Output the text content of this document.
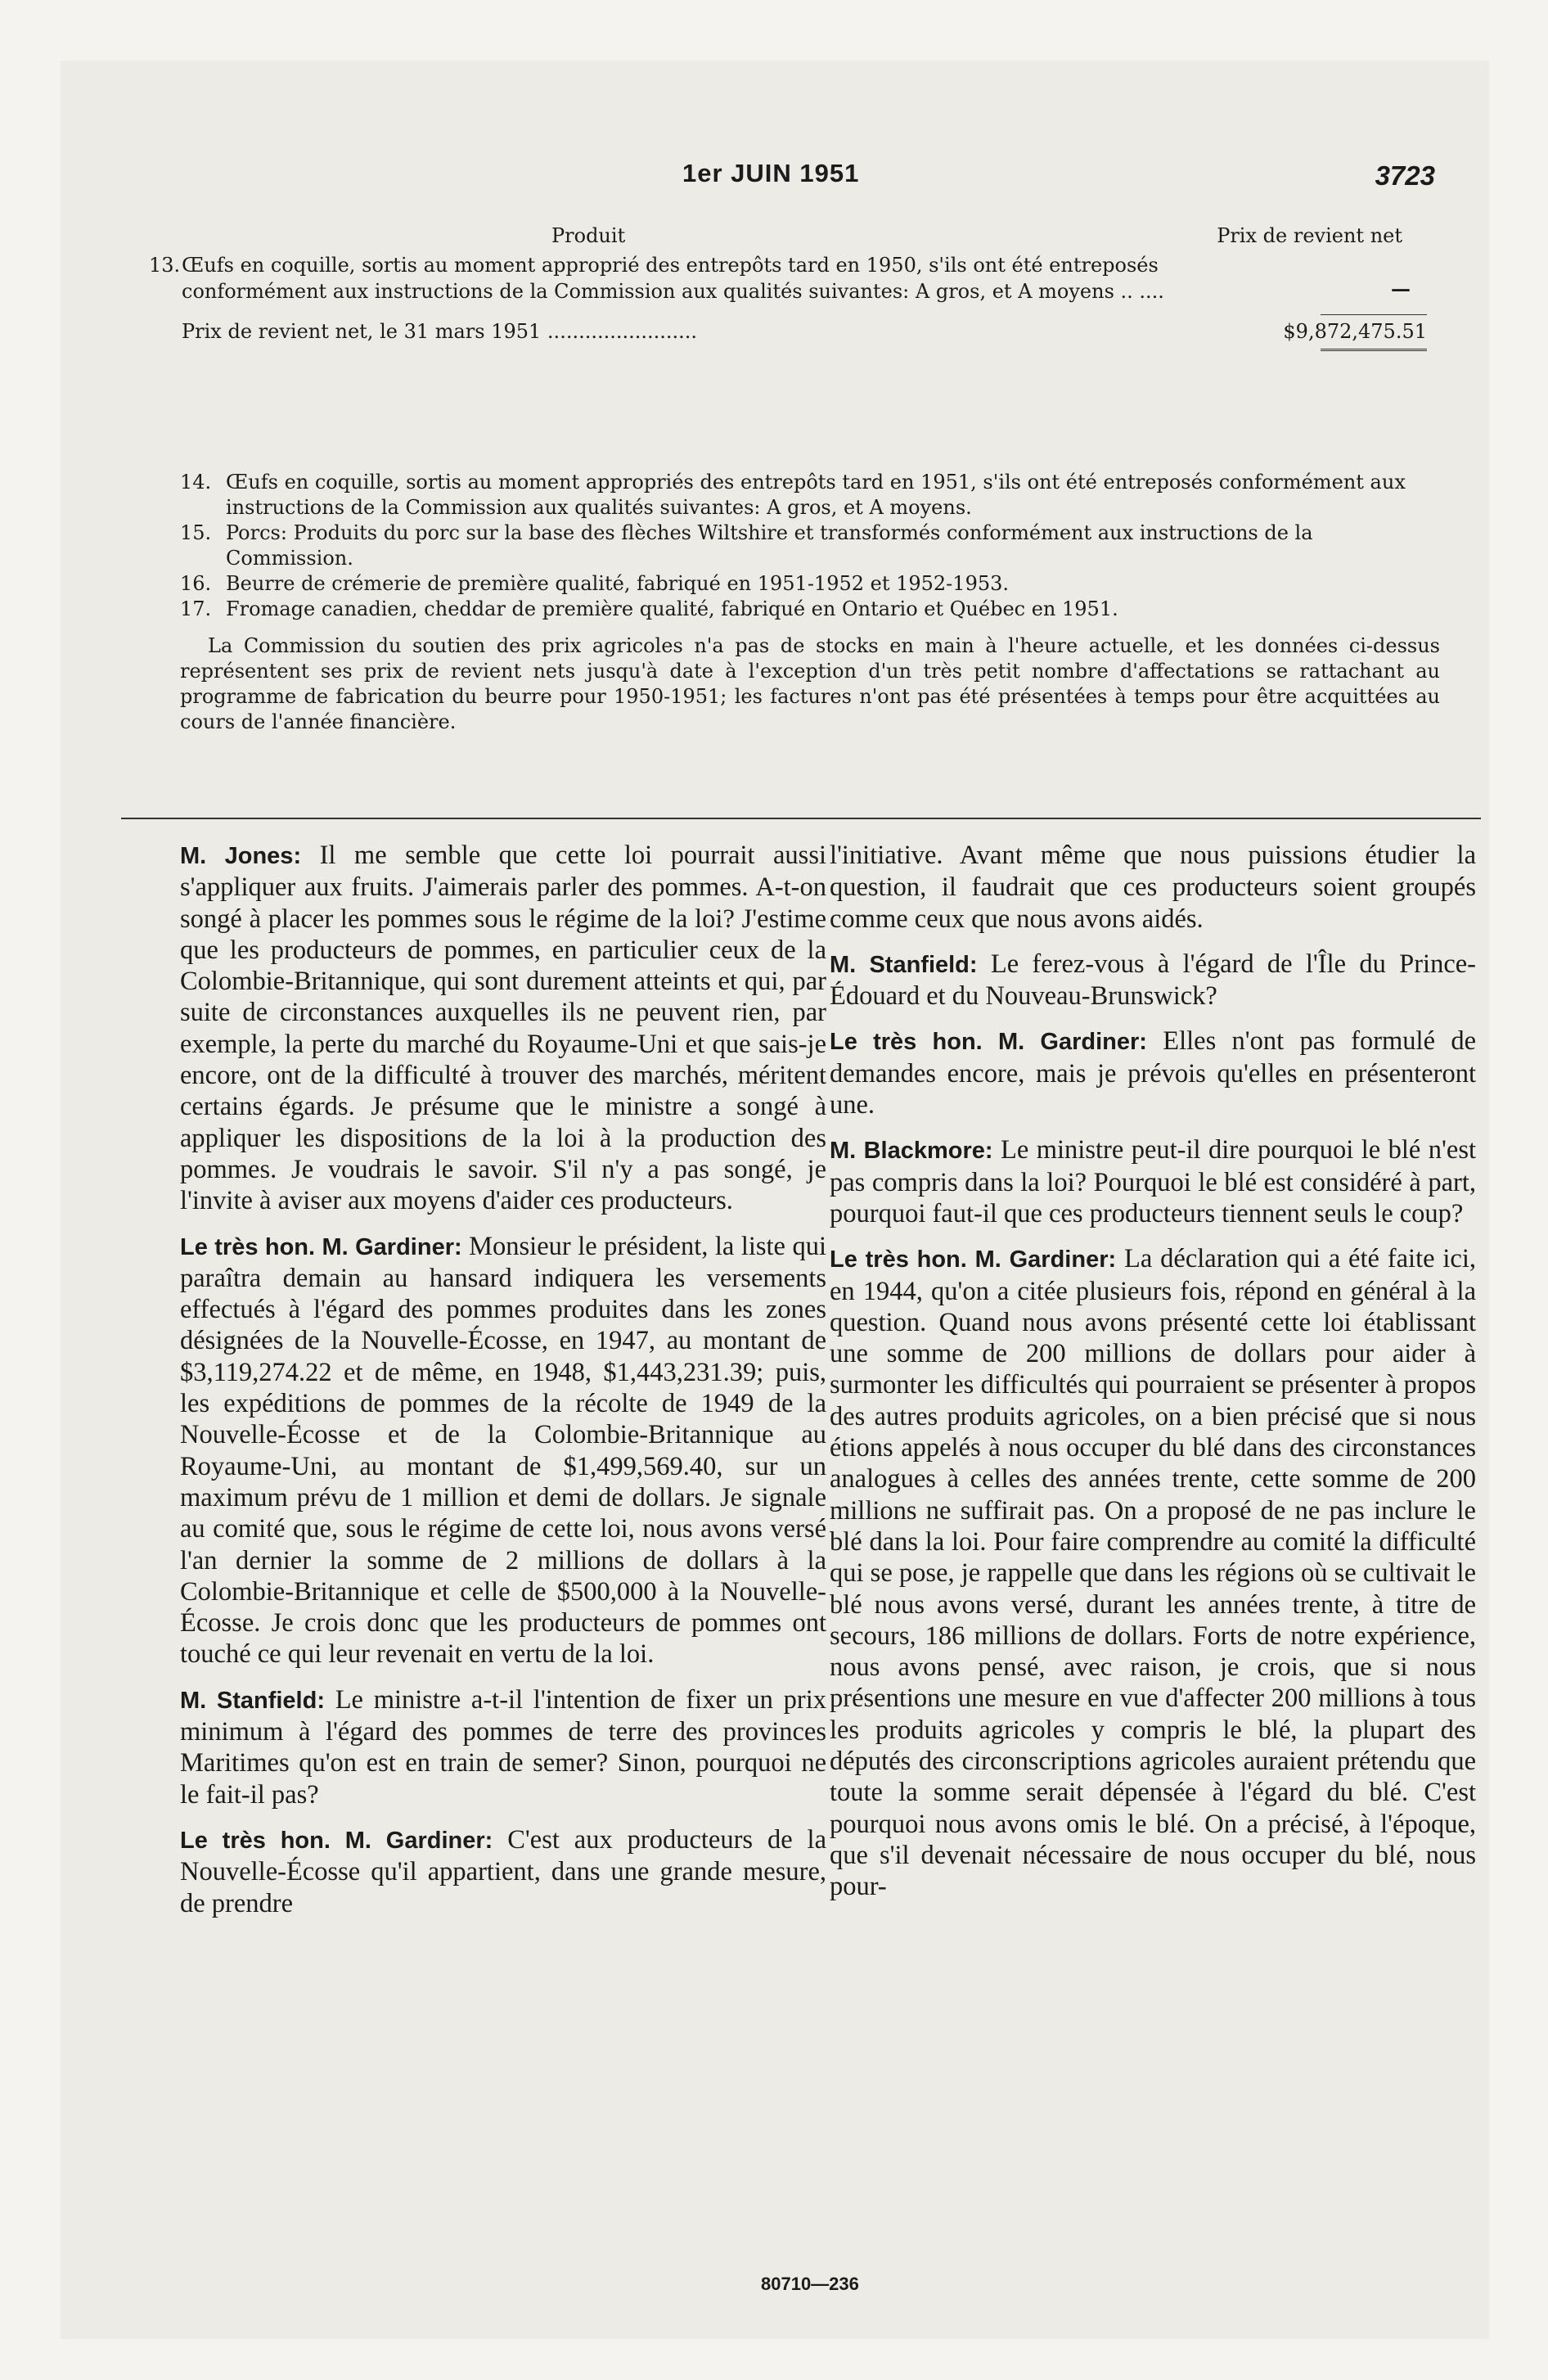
1er JUIN 1951	3723
Produit	Prix de revient net
13. Œufs en coquille, sortis au moment approprié des entrepôts tard en 1950, s'ils ont été entreposés conformément aux instructions de la Commission aux qualités suivantes: A gros, et A moyens .. ....	—
Prix de revient net, le 31 mars 1951 ........................	$9,872,475.51

14. Œufs en coquille, sortis au moment appropriés des entrepôts tard en 1951, s'ils ont été entreposés conformément aux instructions de la Commission aux qualités suivantes: A gros, et A moyens.

15. Porcs: Produits du porc sur la base des flèches Wiltshire et transformés conformément aux instructions de la Commission.

16. Beurre de crémerie de première qualité, fabriqué en 1951-1952 et 1952-1953.

17. Fromage canadien, cheddar de première qualité, fabriqué en Ontario et Québec en 1951.

La Commission du soutien des prix agricoles n'a pas de stocks en main à l'heure actuelle, et les données ci-dessus représentent ses prix de revient nets jusqu'à date à l'exception d'un très petit nombre d'affectations se rattachant au programme de fabrication du beurre pour 1950-1951; les factures n'ont pas été présentées à temps pour être acquittées au cours de l'année financière.

M. Jones: Il me semble que cette loi pourrait aussi s'appliquer aux fruits. J'aimerais parler des pommes. A-t-on songé à placer les pommes sous le régime de la loi? J'estime que les producteurs de pommes, en particulier ceux de la Colombie-Britannique, qui sont durement atteints et qui, par suite de circonstances auxquelles ils ne peuvent rien, par exemple, la perte du marché du Royaume-Uni et que sais-je encore, ont de la difficulté à trouver des marchés, méritent certains égards. Je présume que le ministre a songé à appliquer les dispositions de la loi à la production des pommes. Je voudrais le savoir. S'il n'y a pas songé, je l'invite à aviser aux moyens d'aider ces producteurs.

Le très hon. M. Gardiner: Monsieur le président, la liste qui paraîtra demain au hansard indiquera les versements effectués à l'égard des pommes produites dans les zones désignées de la Nouvelle-Écosse, en 1947, au montant de $3,119,274.22 et de même, en 1948, $1,443,231.39; puis, les expéditions de pommes de la récolte de 1949 de la Nouvelle-Écosse et de la Colombie-Britannique au Royaume-Uni, au montant de $1,499,569.40, sur un maximum prévu de 1 million et demi de dollars. Je signale au comité que, sous le régime de cette loi, nous avons versé l'an dernier la somme de 2 millions de dollars à la Colombie-Britannique et celle de $500,000 à la Nouvelle-Écosse. Je crois donc que les producteurs de pommes ont touché ce qui leur revenait en vertu de la loi.

M. Stanfield: Le ministre a-t-il l'intention de fixer un prix minimum à l'égard des pommes de terre des provinces Maritimes qu'on est en train de semer? Sinon, pourquoi ne le fait-il pas?

Le très hon. M. Gardiner: C'est aux producteurs de la Nouvelle-Écosse qu'il appartient, dans une grande mesure, de prendre

l'initiative. Avant même que nous puissions étudier la question, il faudrait que ces producteurs soient groupés comme ceux que nous avons aidés.

M. Stanfield: Le ferez-vous à l'égard de l'Île du Prince-Édouard et du Nouveau-Brunswick?

Le très hon. M. Gardiner: Elles n'ont pas formulé de demandes encore, mais je prévois qu'elles en présenteront une.

M. Blackmore: Le ministre peut-il dire pourquoi le blé n'est pas compris dans la loi? Pourquoi le blé est considéré à part, pourquoi faut-il que ces producteurs tiennent seuls le coup?

Le très hon. M. Gardiner: La déclaration qui a été faite ici, en 1944, qu'on a citée plusieurs fois, répond en général à la question. Quand nous avons présenté cette loi établissant une somme de 200 millions de dollars pour aider à surmonter les difficultés qui pourraient se présenter à propos des autres produits agricoles, on a bien précisé que si nous étions appelés à nous occuper du blé dans des circonstances analogues à celles des années trente, cette somme de 200 millions ne suffirait pas. On a proposé de ne pas inclure le blé dans la loi. Pour faire comprendre au comité la difficulté qui se pose, je rappelle que dans les régions où se cultivait le blé nous avons versé, durant les années trente, à titre de secours, 186 millions de dollars. Forts de notre expérience, nous avons pensé, avec raison, je crois, que si nous présentions une mesure en vue d'affecter 200 millions à tous les produits agricoles y compris le blé, la plupart des députés des circonscriptions agricoles auraient prétendu que toute la somme serait dépensée à l'égard du blé. C'est pourquoi nous avons omis le blé. On a précisé, à l'époque, que s'il devenait nécessaire de nous occuper du blé, nous pour-

80710—236
